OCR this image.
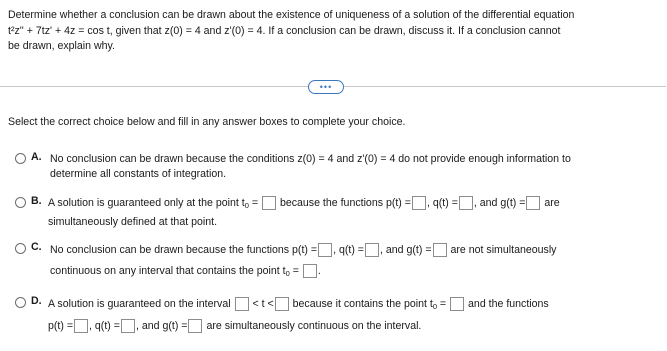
Determine whether a conclusion can be drawn about the existence of uniqueness of a solution of the differential equation
t²z'' + 7tz' + 4z = cos t, given that z(0) = 4 and z'(0) = 4. If a conclusion can be drawn, discuss it. If a conclusion cannot
be drawn, explain why.
•••
Select the correct choice below and fill in any answer boxes to complete your choice.
A. No conclusion can be drawn because the conditions z(0) = 4 and z'(0) = 4 do not provide enough information to
determine all constants of integration.
B. A solution is guaranteed only at the point $t_0$ = because the functions p(t) = , q(t) = , and g(t) = are
simultaneously defined at that point.
C. No conclusion can be drawn because the functions p(t) = , q(t) = , and g(t) = are not simultaneously
continuous on any interval that contains the point $t_0$ = .
D. A solution is guaranteed on the interval < t < because it contains the point $t_0$ = and the functions
p(t) = , q(t) = , and g(t) = are simultaneously continuous on the interval.
